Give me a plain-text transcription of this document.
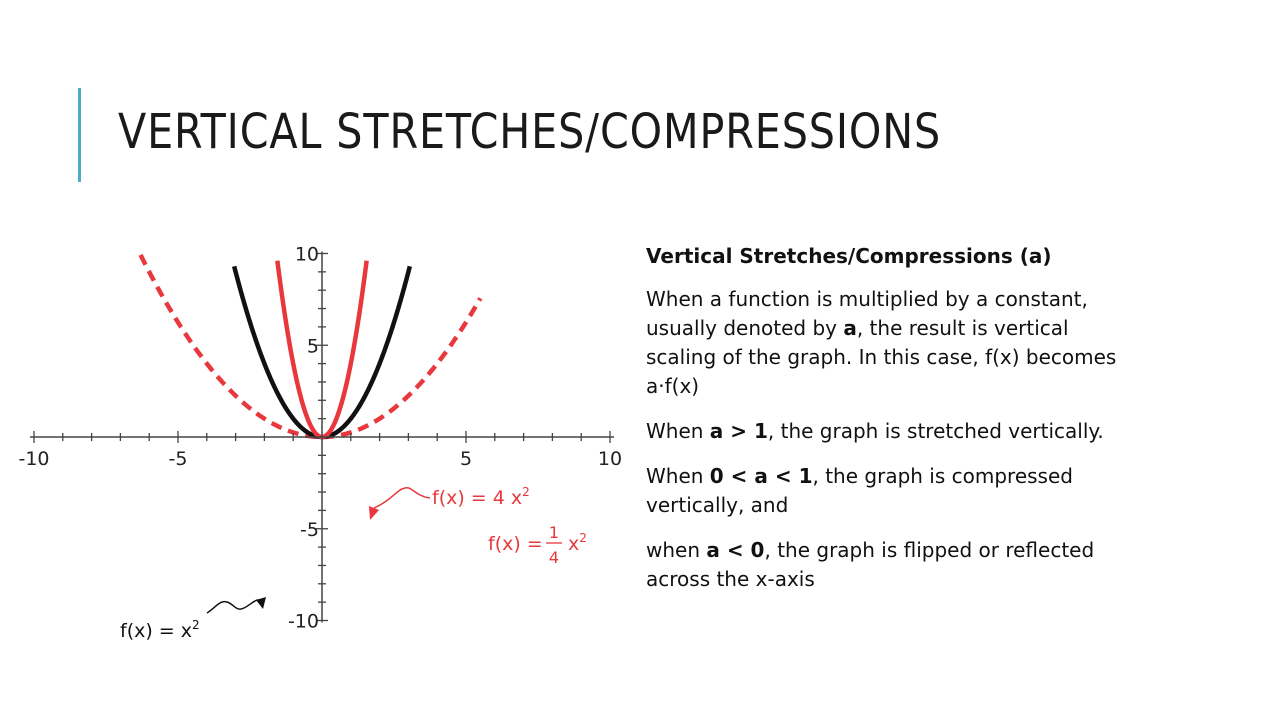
VERTICAL STRETCHES/COMPRESSIONS
-10	-5	5	10
10
5
-5
-10
f(x) = 4 $x^2$
f(x) =
1
4
$x^2$
$f(x) = x^2$

Vertical Stretches/Compressions (a)

When a function is multiplied by a constant, usually denoted by a, the result is vertical scaling of the graph. In this case, f(x) becomes a·f(x)

When a > 1, the graph is stretched vertically.

When 0 < a < 1, the graph is compressed vertically, and

when a < 0, the graph is flipped or reflected across the x-axis
